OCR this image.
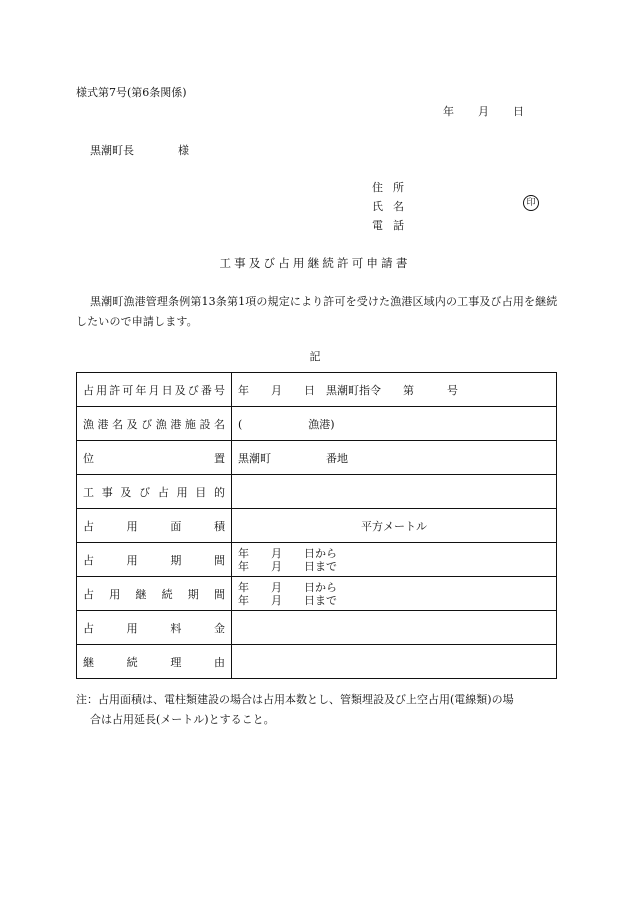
様式第7号(第6条関係)
年 月 日
黒潮町長	様
住所
氏名
電話
印
工事及び占用継続許可申請書
黒潮町漁港管理条例第13条第1項の規定により許可を受けた漁港区域内の工事及び占用を継続したいので申請します。
記
占用許可年月日及び番号	年　　月　　日　黒潮町指令　　第　　　号

漁港名及び漁港施設名	(　　　　　　漁港)

位置	黒潮町　　　　　番地

工事及び占用目的	

占用面積	平方メートル

占用期間	年　　月　　日から
年　　月　　日まで

占用継続期間	年　　月　　日から
年　　月　　日まで

占用料金	

継続理由	

注：占用面積は、電柱類建設の場合は占用本数とし、管類埋設及び上空占用(電線類)の場
合は占用延長(メートル)とすること。
